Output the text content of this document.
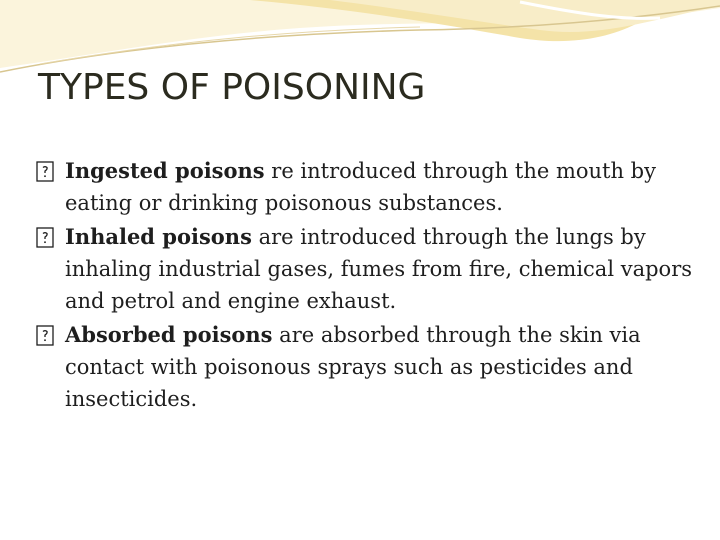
TYPES OF POISONING
Ingested poisons re introduced through the mouth by eating or drinking poisonous substances.
Inhaled poisons are introduced through the lungs by inhaling industrial gases, fumes from fire, chemical vapors and petrol and engine exhaust.
Absorbed poisons are absorbed through the skin via contact with poisonous sprays such as pesticides and insecticides.
